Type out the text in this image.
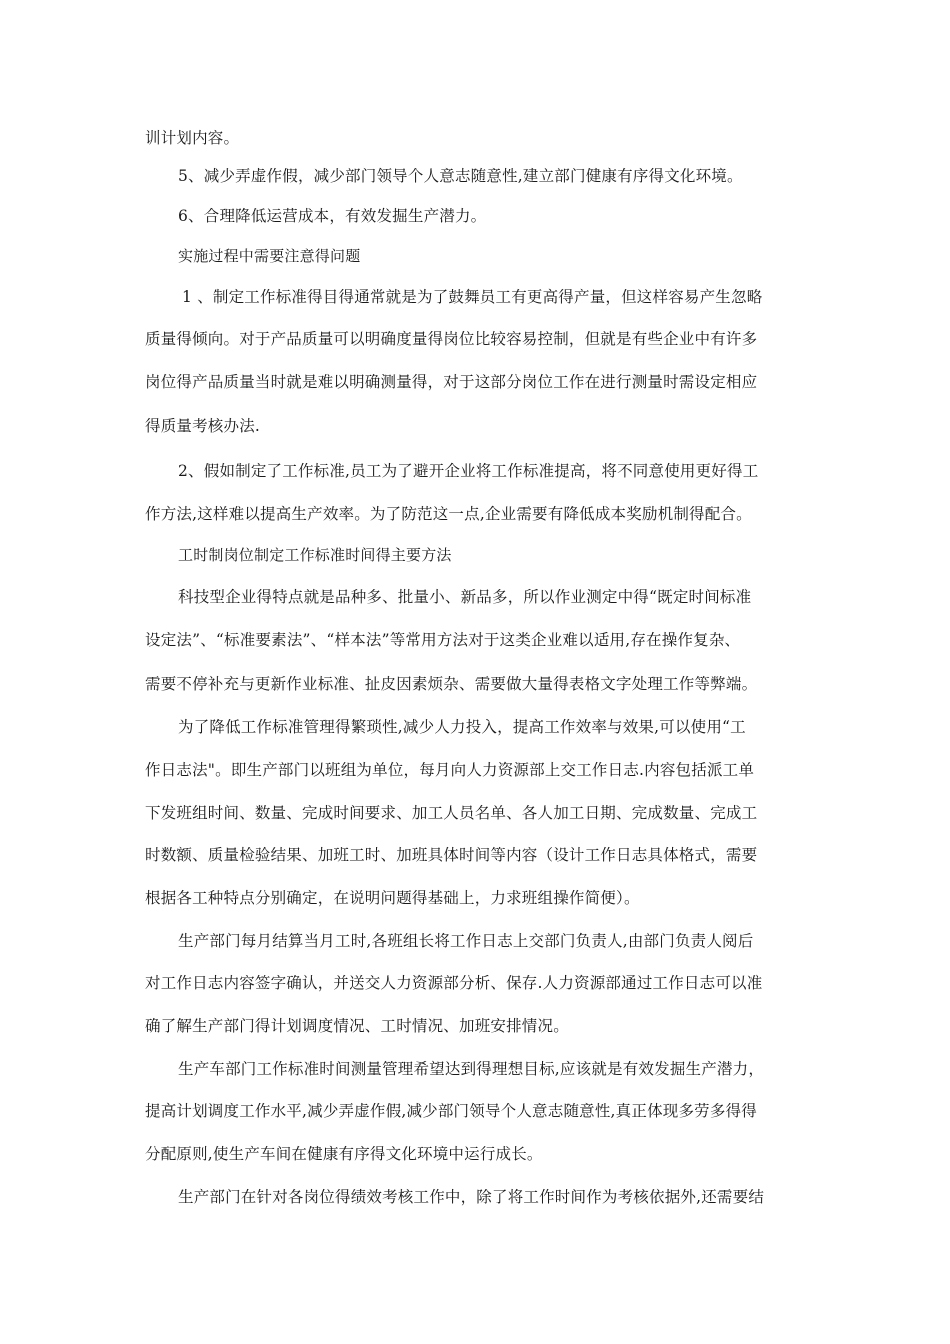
训计划内容。
5、减少弄虚作假，减少部门领导个人意志随意性,建立部门健康有序得文化环境。
6、合理降低运营成本，有效发掘生产潜力。
实施过程中需要注意得问题
1 、制定工作标准得目得通常就是为了鼓舞员工有更高得产量，但这样容易产生忽略
质量得倾向。对于产品质量可以明确度量得岗位比较容易控制，但就是有些企业中有许多
岗位得产品质量当时就是难以明确测量得，对于这部分岗位工作在进行测量时需设定相应
得质量考核办法.
2、假如制定了工作标准,员工为了避开企业将工作标准提高，将不同意使用更好得工
作方法,这样难以提高生产效率。为了防范这一点,企业需要有降低成本奖励机制得配合。
工时制岗位制定工作标准时间得主要方法
科技型企业得特点就是品种多、批量小、新品多，所以作业测定中得“既定时间标准
设定法”、“标准要素法”、“样本法”等常用方法对于这类企业难以适用,存在操作复杂、
需要不停补充与更新作业标准、扯皮因素烦杂、需要做大量得表格文字处理工作等弊端。
为了降低工作标准管理得繁琐性,减少人力投入，提高工作效率与效果,可以使用“工
作日志法"。即生产部门以班组为单位，每月向人力资源部上交工作日志.内容包括派工单
下发班组时间、数量、完成时间要求、加工人员名单、各人加工日期、完成数量、完成工
时数额、质量检验结果、加班工时、加班具体时间等内容（设计工作日志具体格式，需要
根据各工种特点分别确定，在说明问题得基础上，力求班组操作简便）。
生产部门每月结算当月工时,各班组长将工作日志上交部门负责人,由部门负责人阅后
对工作日志内容签字确认，并送交人力资源部分析、保存.人力资源部通过工作日志可以准
确了解生产部门得计划调度情况、工时情况、加班安排情况。
生产车部门工作标准时间测量管理希望达到得理想目标,应该就是有效发掘生产潜力，
提高计划调度工作水平,减少弄虚作假,减少部门领导个人意志随意性,真正体现多劳多得得
分配原则,使生产车间在健康有序得文化环境中运行成长。
生产部门在针对各岗位得绩效考核工作中，除了将工作时间作为考核依据外,还需要结
